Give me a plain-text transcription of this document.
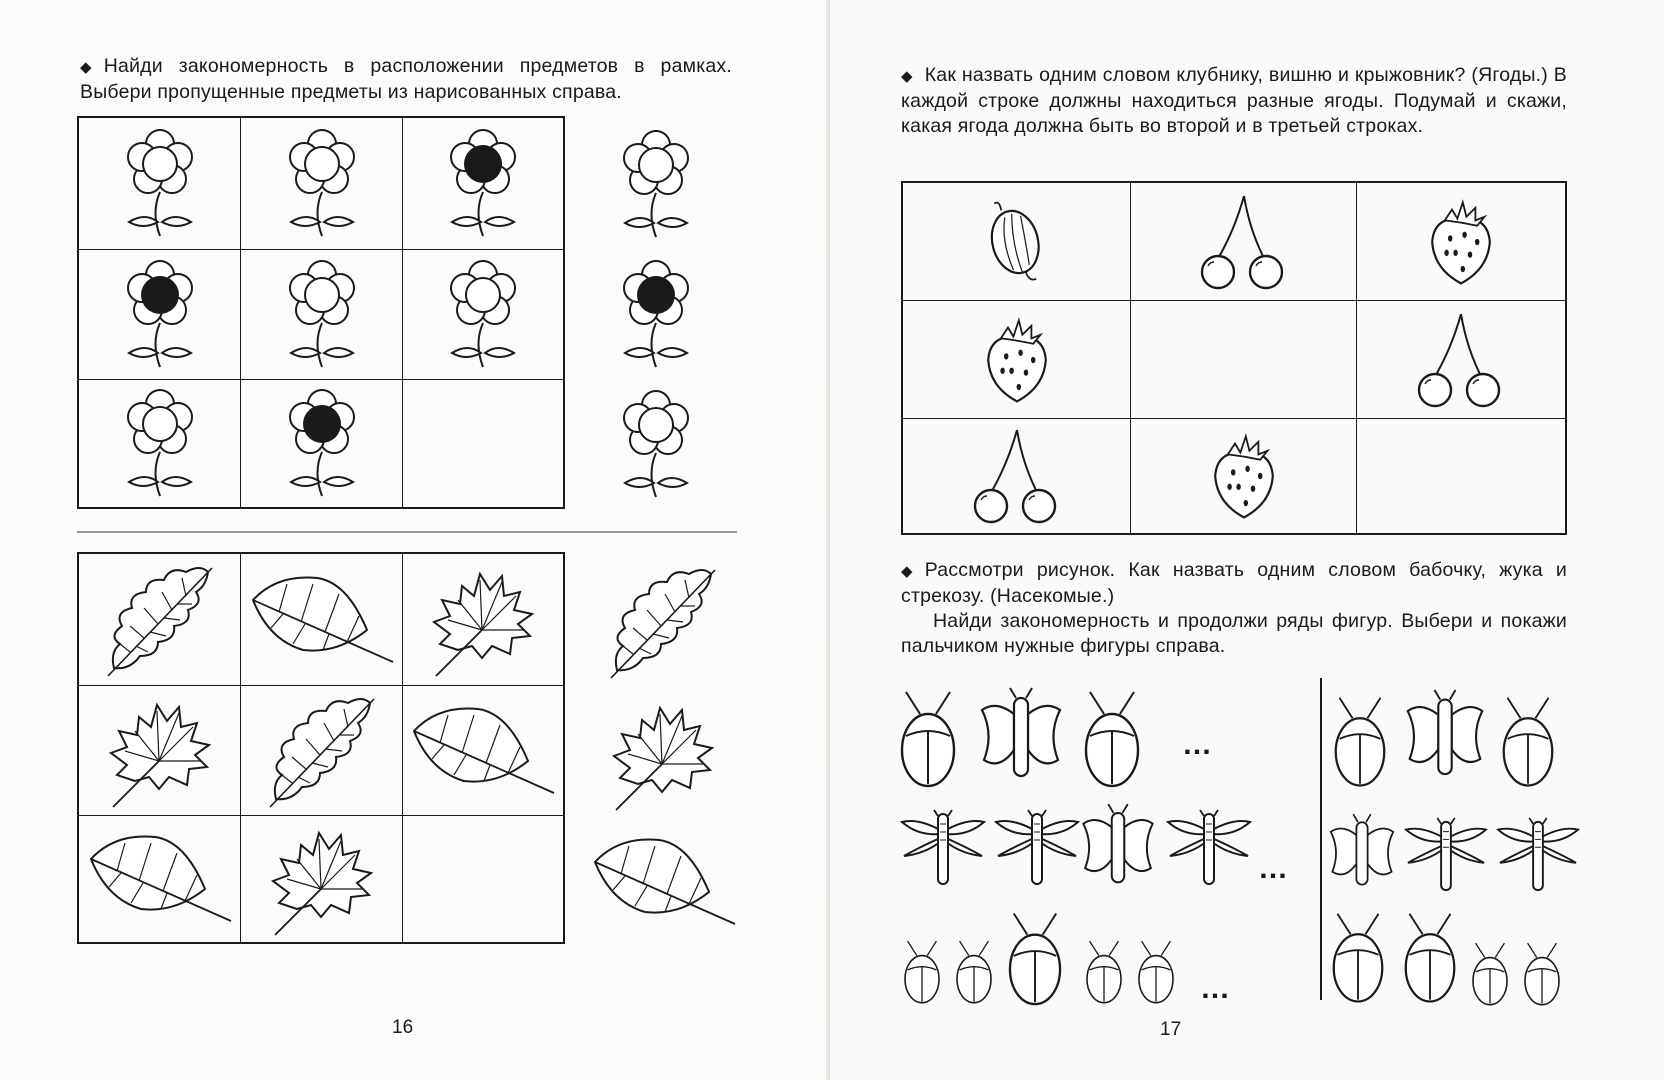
◆ Найди закономерность в расположении предметов в рамках. Выбери пропущенные предметы из нарисованных справа.

16

◆ Как назвать одним словом клубнику, вишню и крыжовник? (Ягоды.) В каждой строке должны находиться разные ягоды. Подумай и скажи, какая ягода должна быть во второй и в третьей строках.

◆ Рассмотри рисунок. Как назвать одним словом бабочку, жука и стрекозу. (Насекомые.)

Найди закономерность и продолжи ряды фигур. Выбери и покажи пальчиком нужные фигуры справа.

…
…
…
17
